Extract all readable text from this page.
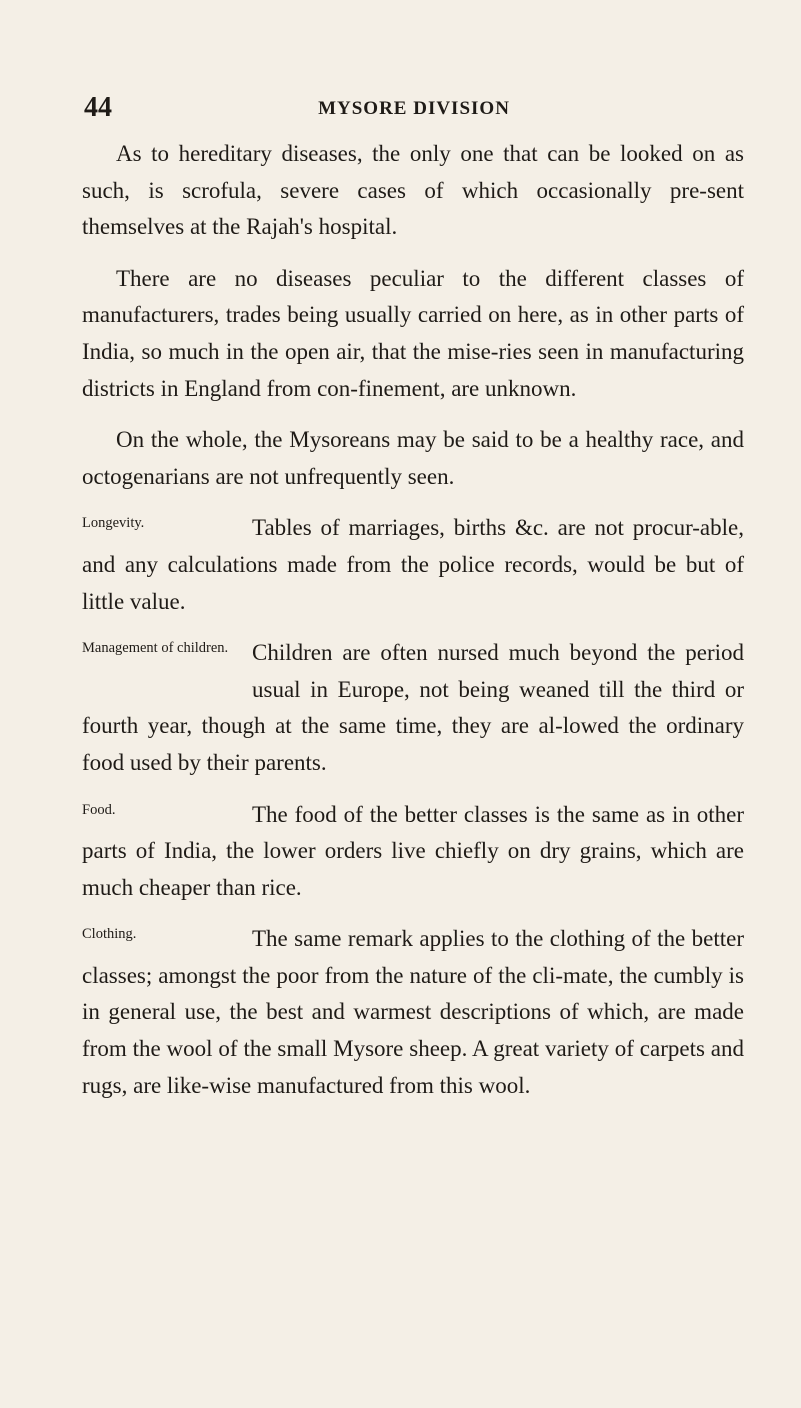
44	MYSORE DIVISION

As to hereditary diseases, the only one that can be looked on as such, is scrofula, severe cases of which occasionally pre-sent themselves at the Rajah's hospital.

There are no diseases peculiar to the different classes of manufacturers, trades being usually carried on here, as in other parts of India, so much in the open air, that the mise-ries seen in manufacturing districts in England from con-finement, are unknown.

On the whole, the Mysoreans may be said to be a healthy race, and octogenarians are not unfrequently seen.

Longevity.	Tables of marriages, births &c. are not procur-able, and any calculations made from the police records, would be but of little value.

Management of children.	Children are often nursed much beyond the period usual in Europe, not being weaned till the third or fourth year, though at the same time, they are al-lowed the ordinary food used by their parents.

Food.	The food of the better classes is the same as in other parts of India, the lower orders live chiefly on dry grains, which are much cheaper than rice.

Clothing.	The same remark applies to the clothing of the better classes; amongst the poor from the nature of the cli-mate, the cumbly is in general use, the best and warmest descriptions of which, are made from the wool of the small Mysore sheep. A great variety of carpets and rugs, are like-wise manufactured from this wool.
